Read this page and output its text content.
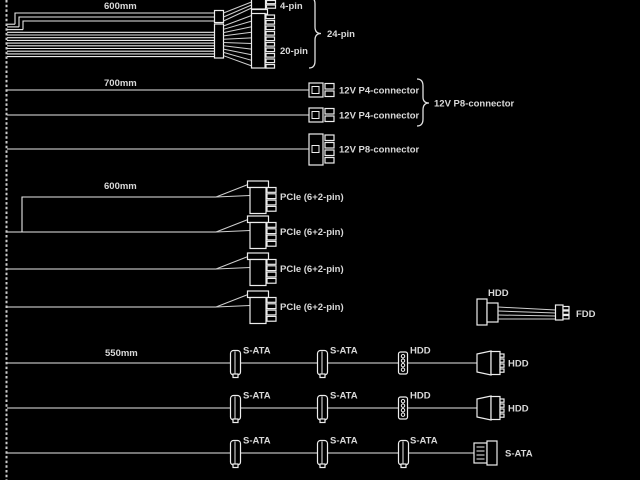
600mm	4-pin
20-pin
24-pin
700mm
12V P4-connector
12V P4-connector
12V P8-connector
12V P8-connector
600mm
PCIe (6+2-pin)
PCIe (6+2-pin)
PCIe (6+2-pin)
PCIe (6+2-pin)
HDD
FDD
550mm	S-ATA	S-ATA	HDD
HDD
S-ATA	S-ATA	HDD
HDD
S-ATA	S-ATA	S-ATA
S-ATA
